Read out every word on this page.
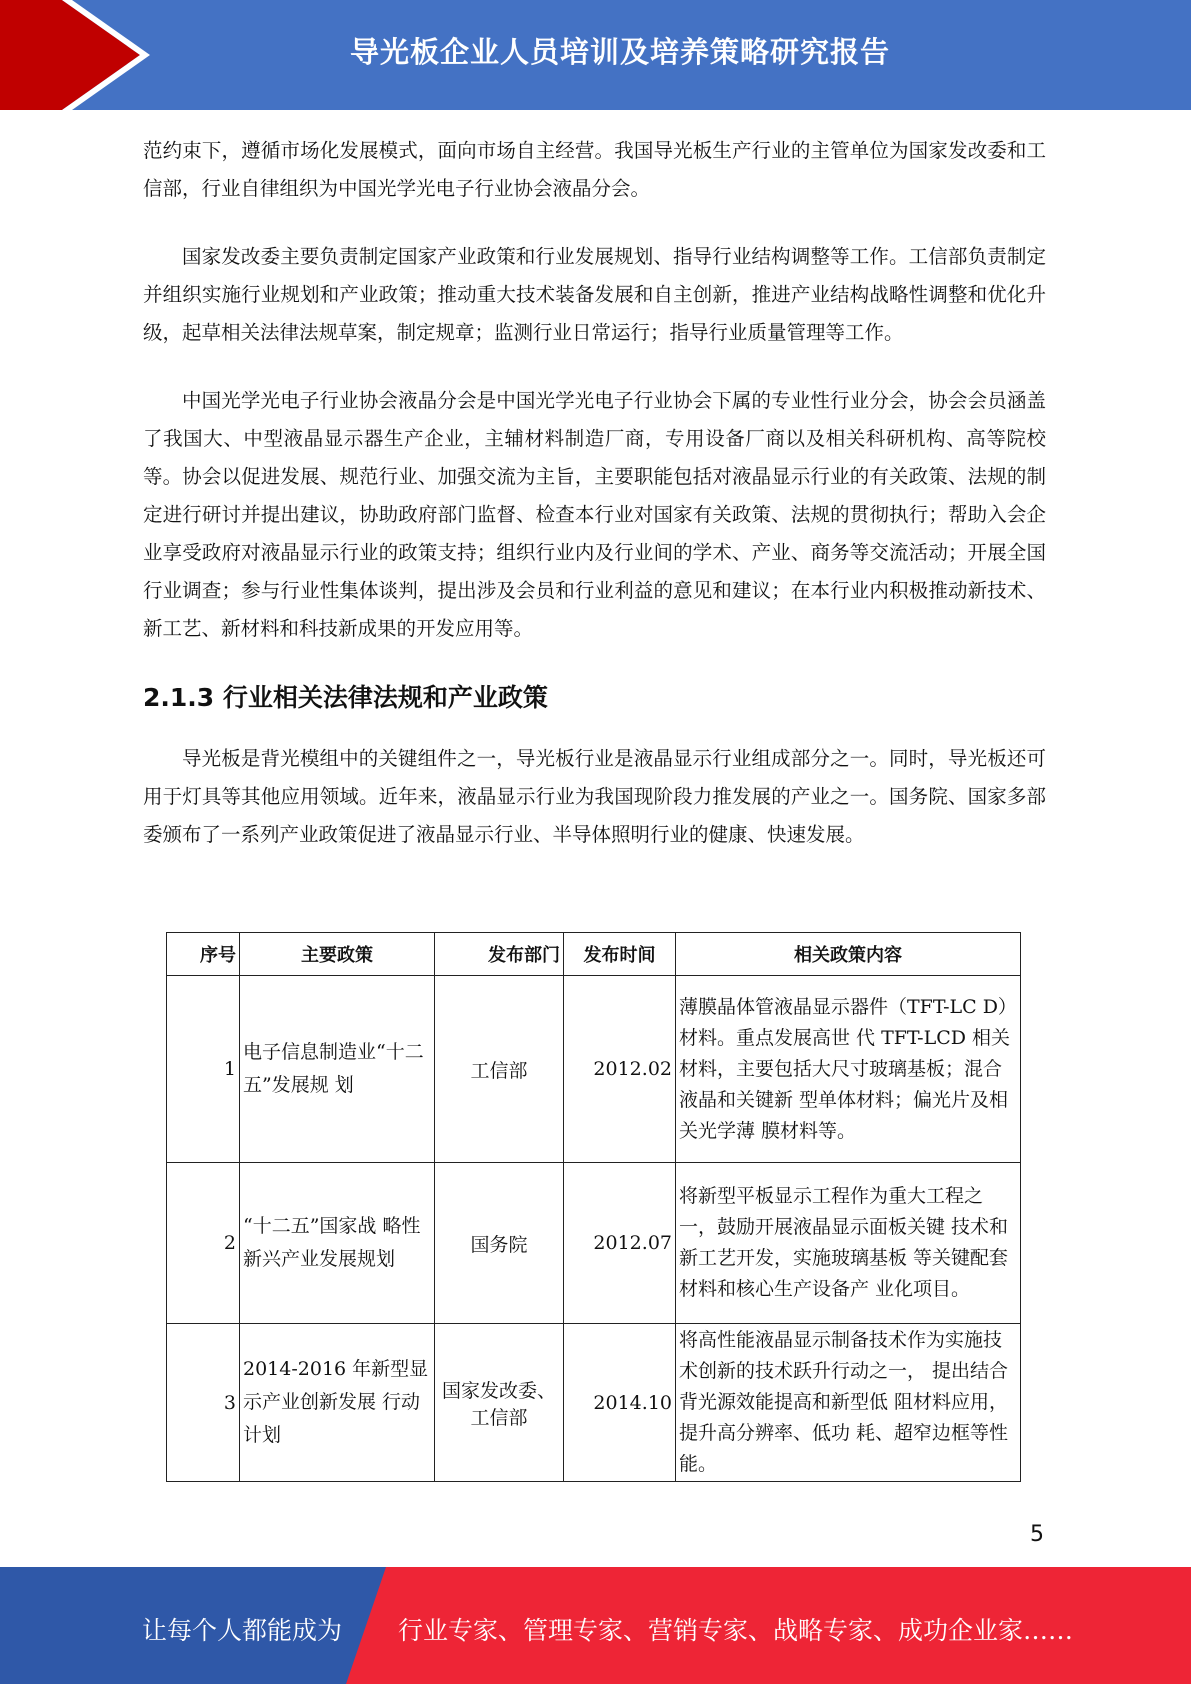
导光板企业人员培训及培养策略研究报告

范约束下，遵循市场化发展模式，面向市场自主经营。我国导光板生产行业的主管单位为国家发改委和工信部，行业自律组织为中国光学光电子行业协会液晶分会。

国家发改委主要负责制定国家产业政策和行业发展规划、指导行业结构调整等工作。工信部负责制定并组织实施行业规划和产业政策；推动重大技术装备发展和自主创新，推进产业结构战略性调整和优化升级，起草相关法律法规草案，制定规章；监测行业日常运行；指导行业质量管理等工作。

中国光学光电子行业协会液晶分会是中国光学光电子行业协会下属的专业性行业分会，协会会员涵盖了我国大、中型液晶显示器生产企业，主辅材料制造厂商，专用设备厂商以及相关科研机构、高等院校等。协会以促进发展、规范行业、加强交流为主旨，主要职能包括对液晶显示行业的有关政策、法规的制定进行研讨并提出建议，协助政府部门监督、检查本行业对国家有关政策、法规的贯彻执行；帮助入会企业享受政府对液晶显示行业的政策支持；组织行业内及行业间的学术、产业、商务等交流活动；开展全国行业调查；参与行业性集体谈判，提出涉及会员和行业利益的意见和建议；在本行业内积极推动新技术、新工艺、新材料和科技新成果的开发应用等。

2.1.3 行业相关法律法规和产业政策

导光板是背光模组中的关键组件之一，导光板行业是液晶显示行业组成部分之一。同时，导光板还可用于灯具等其他应用领域。近年来，液晶显示行业为我国现阶段力推发展的产业之一。国务院、国家多部委颁布了一系列产业政策促进了液晶显示行业、半导体照明行业的健康、快速发展。

序号	主要政策	发布部门	发布时间	相关政策内容
1	电子信息制造业“十二五”发展规 划	工信部	2012.02	薄膜晶体管液晶显示器件（TFT-LC D）材料。重点发展高世 代 TFT-LCD 相关材料，主要包括大尺寸玻璃基板；混合液晶和关键新 型单体材料；偏光片及相关光学薄 膜材料等。
2	“十二五”国家战 略性新兴产业发展规划	国务院	2012.07	将新型平板显示工程作为重大工程之一，鼓励开展液晶显示面板关键 技术和新工艺开发，实施玻璃基板 等关键配套材料和核心生产设备产 业化项目。
3	2014-2016 年新型显示产业创新发展 行动计划	国家发改委、工信部	2014.10	将高性能液晶显示制备技术作为实施技术创新的技术跃升行动之一， 提出结合背光源效能提高和新型低 阻材料应用，提升高分辨率、低功 耗、超窄边框等性能。
5
让每个人都能成为 行业专家、管理专家、营销专家、战略专家、成功企业家……
